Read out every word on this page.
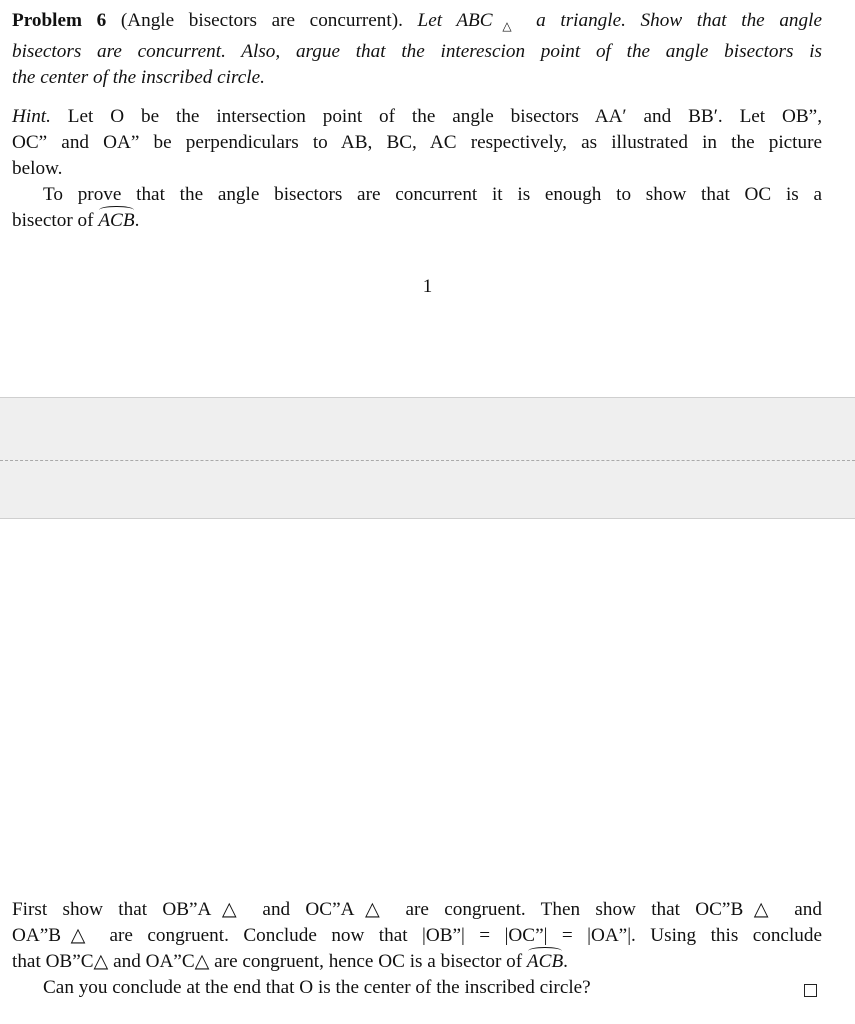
Problem 6 (Angle bisectors are concurrent). Let $ABC_\triangle$ a triangle. Show that the angle
bisectors are concurrent. Also, argue that the interescion point of the angle bisectors is
the center of the inscribed circle.
Hint. Let O be the intersection point of the angle bisectors AA′ and BB′. Let OB”,
OC” and OA” be perpendiculars to AB, BC, AC respectively, as illustrated in the picture
below.
To prove that the angle bisectors are concurrent it is enough to show that OC is a
bisector of ACB.
1
First show that OB”A△ and OC”A△ are congruent. Then show that OC”B△ and
OA”B△ are congruent. Conclude now that |OB”| = |OC”| = |OA”|. Using this conclude
that OB”C△ and OA”C△ are congruent, hence OC is a bisector of ACB.
Can you conclude at the end that O is the center of the inscribed circle?
